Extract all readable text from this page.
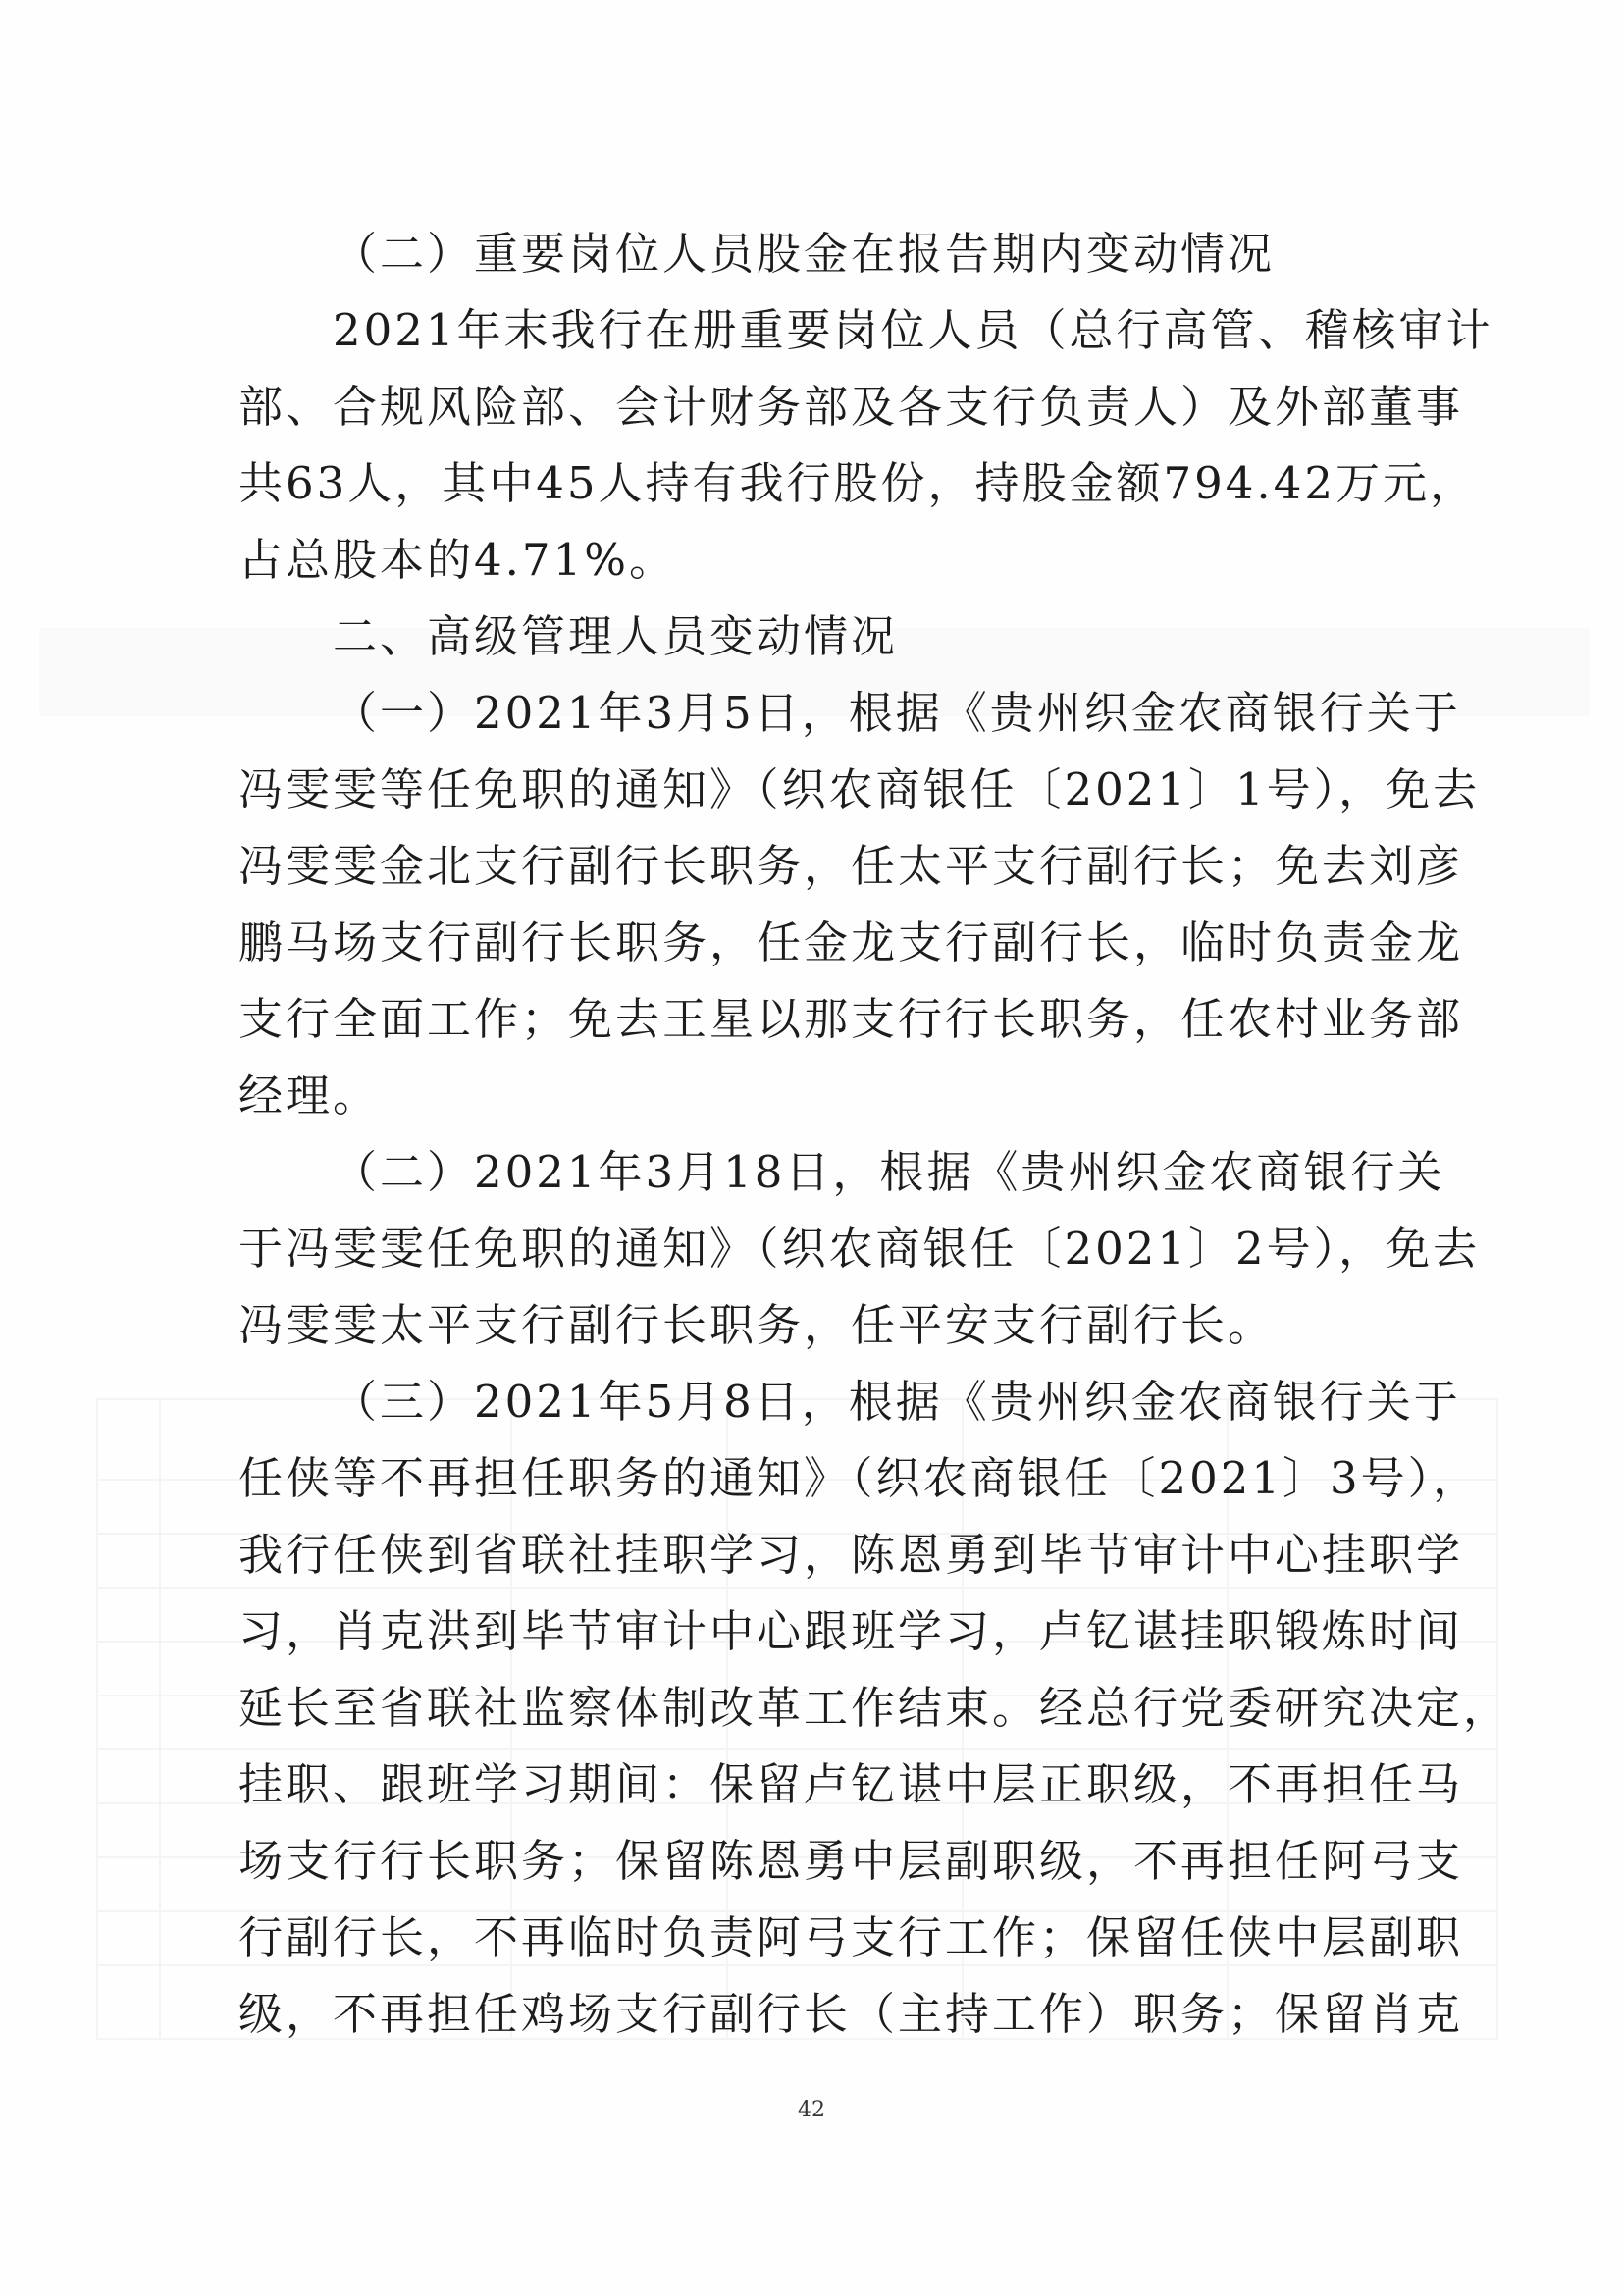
（二）重要岗位人员股金在报告期内变动情况
2021年末我行在册重要岗位人员（总行高管、稽核审计
部、合规风险部、会计财务部及各支行负责人）及外部董事
共63人，其中45人持有我行股份，持股金额794.42万元，
占总股本的4.71%。
二、高级管理人员变动情况
（一）2021年3月5日，根据《贵州织金农商银行关于
冯雯雯等任免职的通知》（织农商银任〔2021〕1号），免去
冯雯雯金北支行副行长职务，任太平支行副行长；免去刘彦
鹏马场支行副行长职务，任金龙支行副行长，临时负责金龙
支行全面工作；免去王星以那支行行长职务，任农村业务部
经理。
（二）2021年3月18日，根据《贵州织金农商银行关
于冯雯雯任免职的通知》（织农商银任〔2021〕2号），免去
冯雯雯太平支行副行长职务，任平安支行副行长。
（三）2021年5月8日，根据《贵州织金农商银行关于
任侠等不再担任职务的通知》（织农商银任〔2021〕3号），
我行任侠到省联社挂职学习，陈恩勇到毕节审计中心挂职学
习，肖克洪到毕节审计中心跟班学习，卢钇谌挂职锻炼时间
延长至省联社监察体制改革工作结束。经总行党委研究决定，
挂职、跟班学习期间：保留卢钇谌中层正职级，不再担任马
场支行行长职务；保留陈恩勇中层副职级，不再担任阿弓支
行副行长，不再临时负责阿弓支行工作；保留任侠中层副职
级，不再担任鸡场支行副行长（主持工作）职务；保留肖克
42
